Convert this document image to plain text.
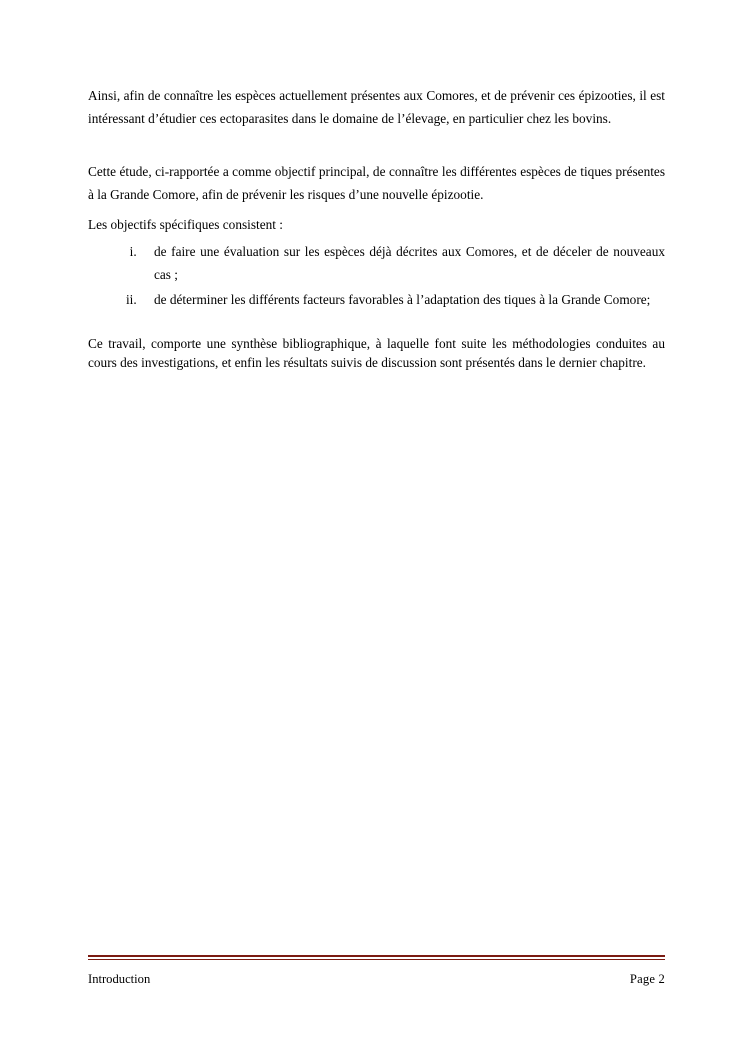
Ainsi, afin de connaître les espèces actuellement présentes aux Comores, et de prévenir ces épizooties, il est intéressant d’étudier ces ectoparasites dans le domaine de l’élevage, en particulier chez les bovins.

Cette étude, ci-rapportée a comme objectif principal, de connaître les différentes espèces de tiques présentes à la Grande Comore, afin de prévenir les risques d’une nouvelle épizootie.

Les objectifs spécifiques consistent :

i. de faire une évaluation sur les espèces déjà décrites aux Comores, et de déceler de nouveaux cas ;
ii. de déterminer les différents facteurs favorables à l’adaptation des tiques à la Grande Comore;

Ce travail, comporte une synthèse bibliographique, à laquelle font suite les méthodologies conduites au cours des investigations, et enfin les résultats suivis de discussion sont présentés dans le dernier chapitre.

Introduction	Page 2
